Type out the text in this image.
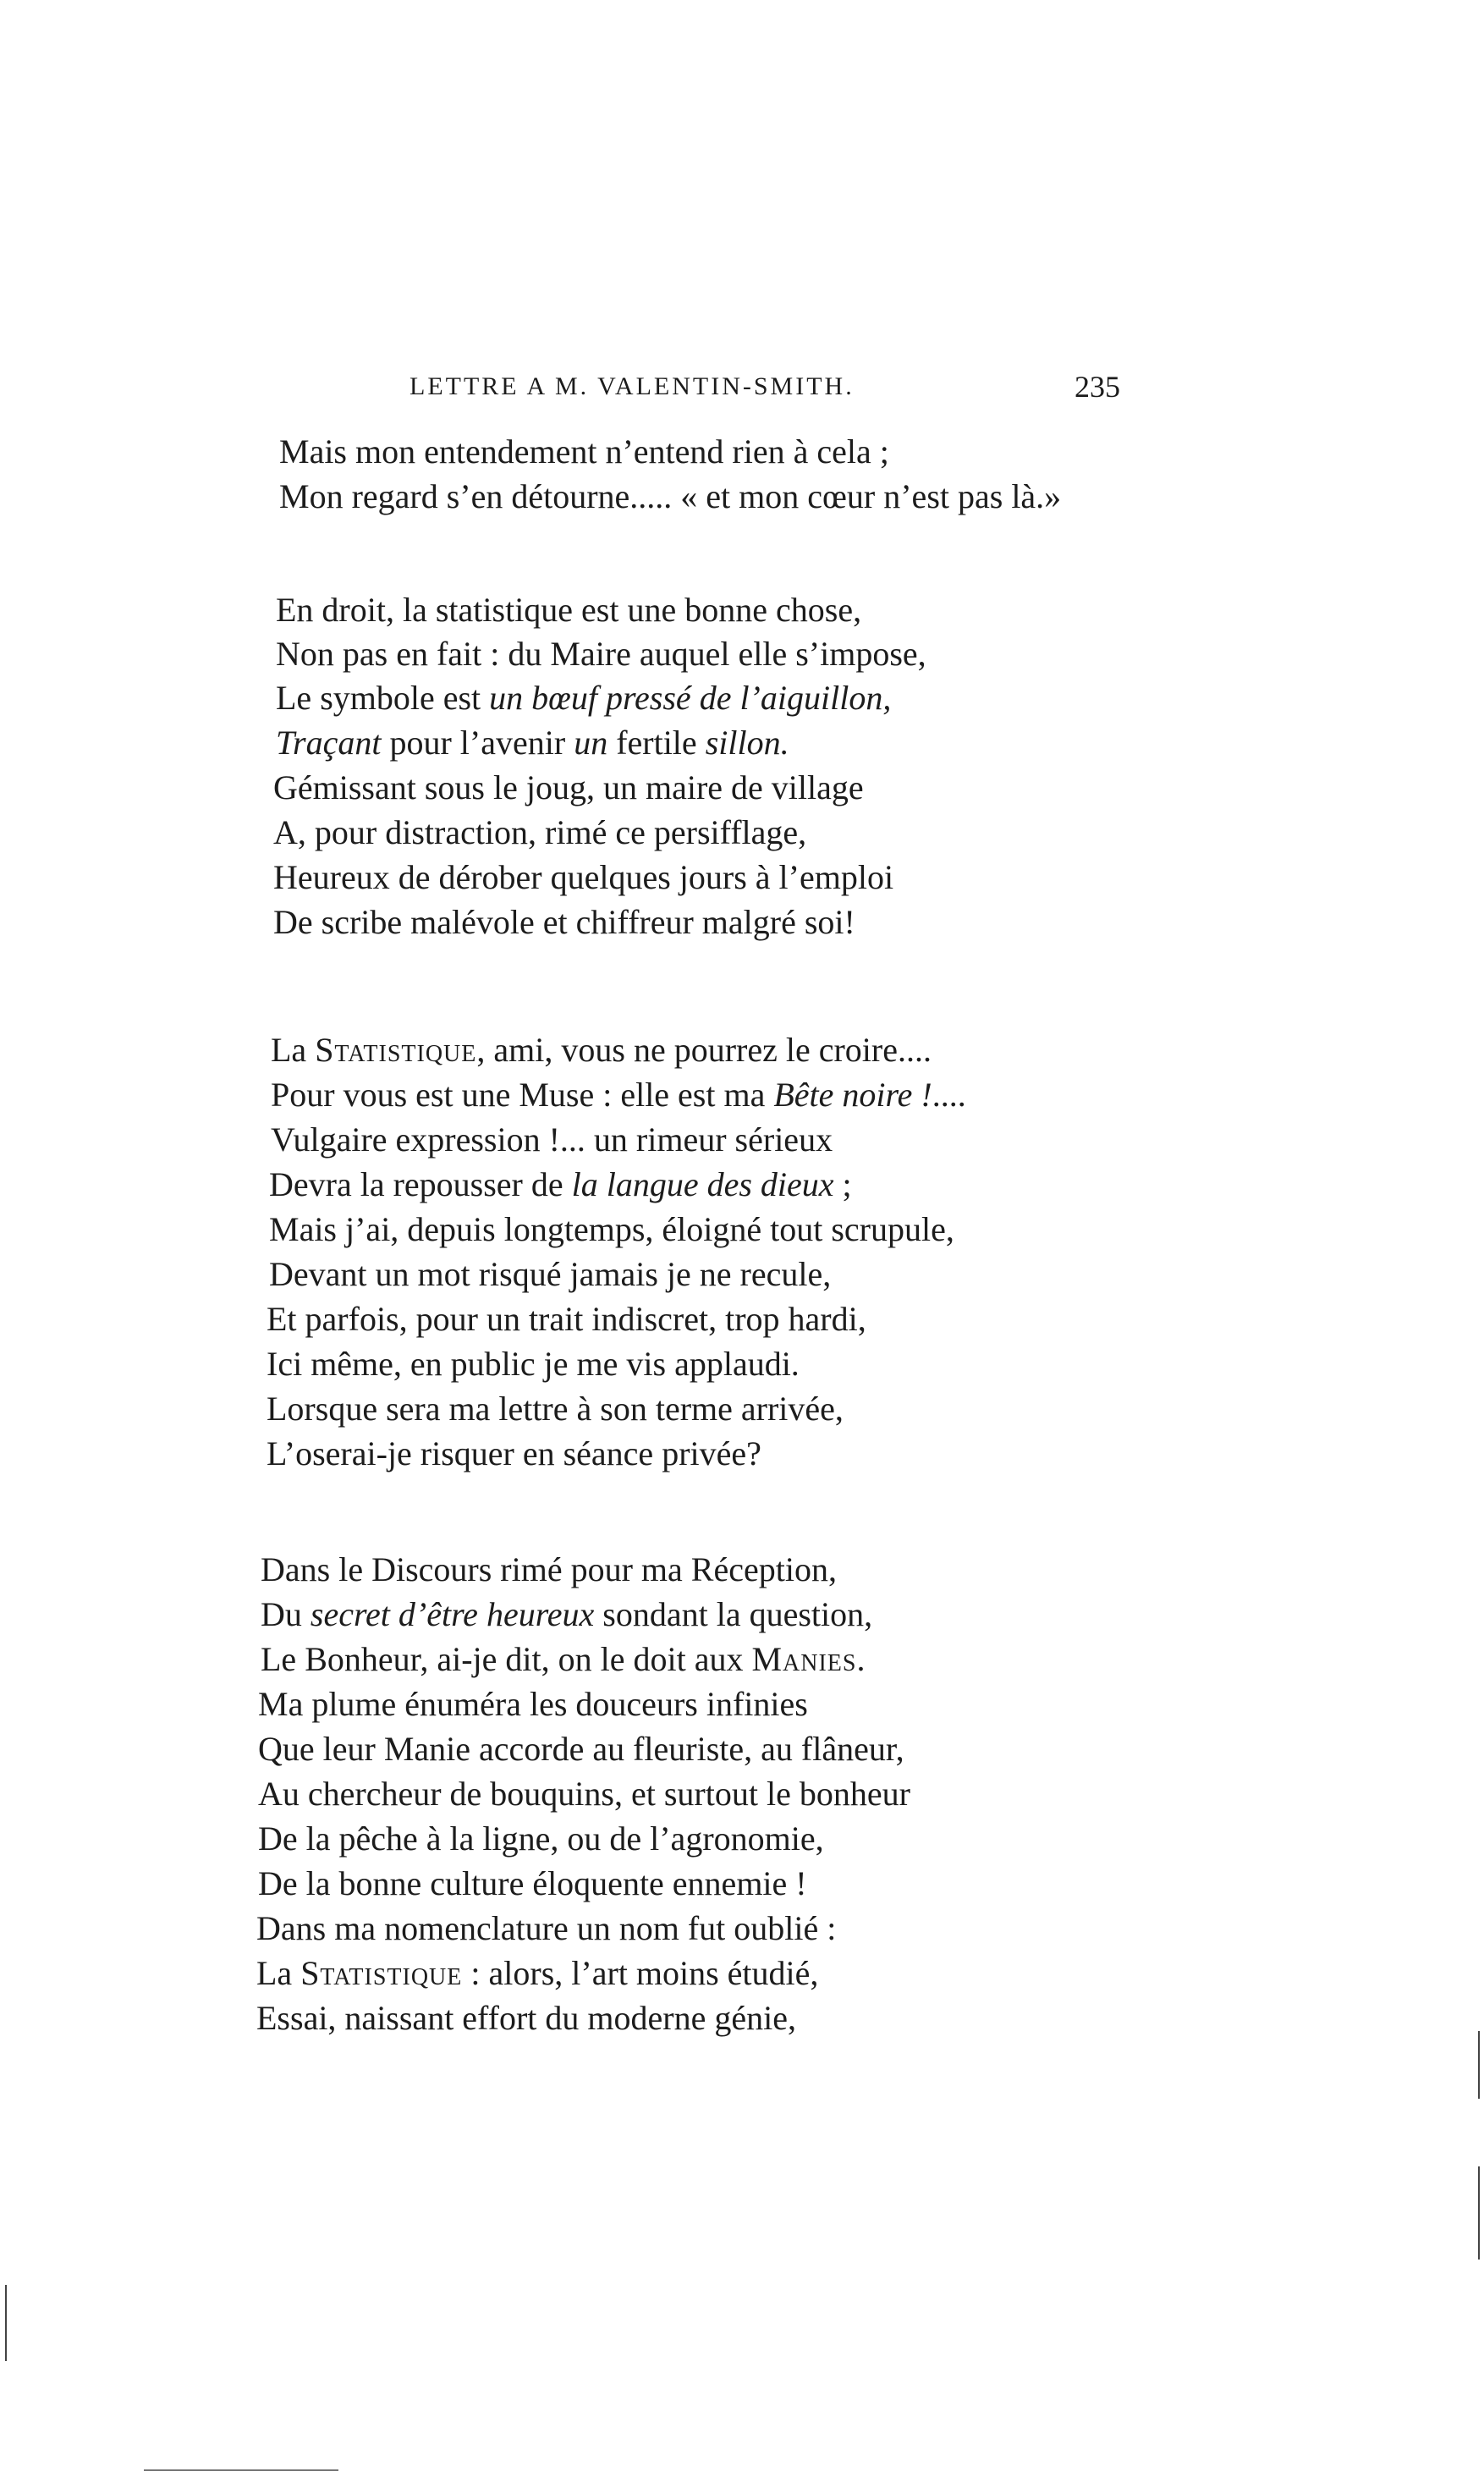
LETTRE A M. VALENTIN-SMITH.	235
Mais mon entendement n’entend rien à cela ;
Mon regard s’en détourne..... « et mon cœur n’est pas là.»
En droit, la statistique est une bonne chose,
Non pas en fait : du Maire auquel elle s’impose,
Le symbole est un bœuf pressé de l’aiguillon,
Traçant pour l’avenir un fertile sillon.
Gémissant sous le joug, un maire de village
A, pour distraction, rimé ce persifflage,
Heureux de dérober quelques jours à l’emploi
De scribe malévole et chiffreur malgré soi!
La Statistique, ami, vous ne pourrez le croire....
Pour vous est une Muse : elle est ma Bête noire !....
Vulgaire expression !... un rimeur sérieux
Devra la repousser de la langue des dieux ;
Mais j’ai, depuis longtemps, éloigné tout scrupule,
Devant un mot risqué jamais je ne recule,
Et parfois, pour un trait indiscret, trop hardi,
Ici même, en public je me vis applaudi.
Lorsque sera ma lettre à son terme arrivée,
L’oserai-je risquer en séance privée?
Dans le Discours rimé pour ma Réception,
Du secret d’être heureux sondant la question,
Le Bonheur, ai-je dit, on le doit aux Manies.
Ma plume énuméra les douceurs infinies
Que leur Manie accorde au fleuriste, au flâneur,
Au chercheur de bouquins, et surtout le bonheur
De la pêche à la ligne, ou de l’agronomie,
De la bonne culture éloquente ennemie !
Dans ma nomenclature un nom fut oublié :
La Statistique : alors, l’art moins étudié,
Essai, naissant effort du moderne génie,
